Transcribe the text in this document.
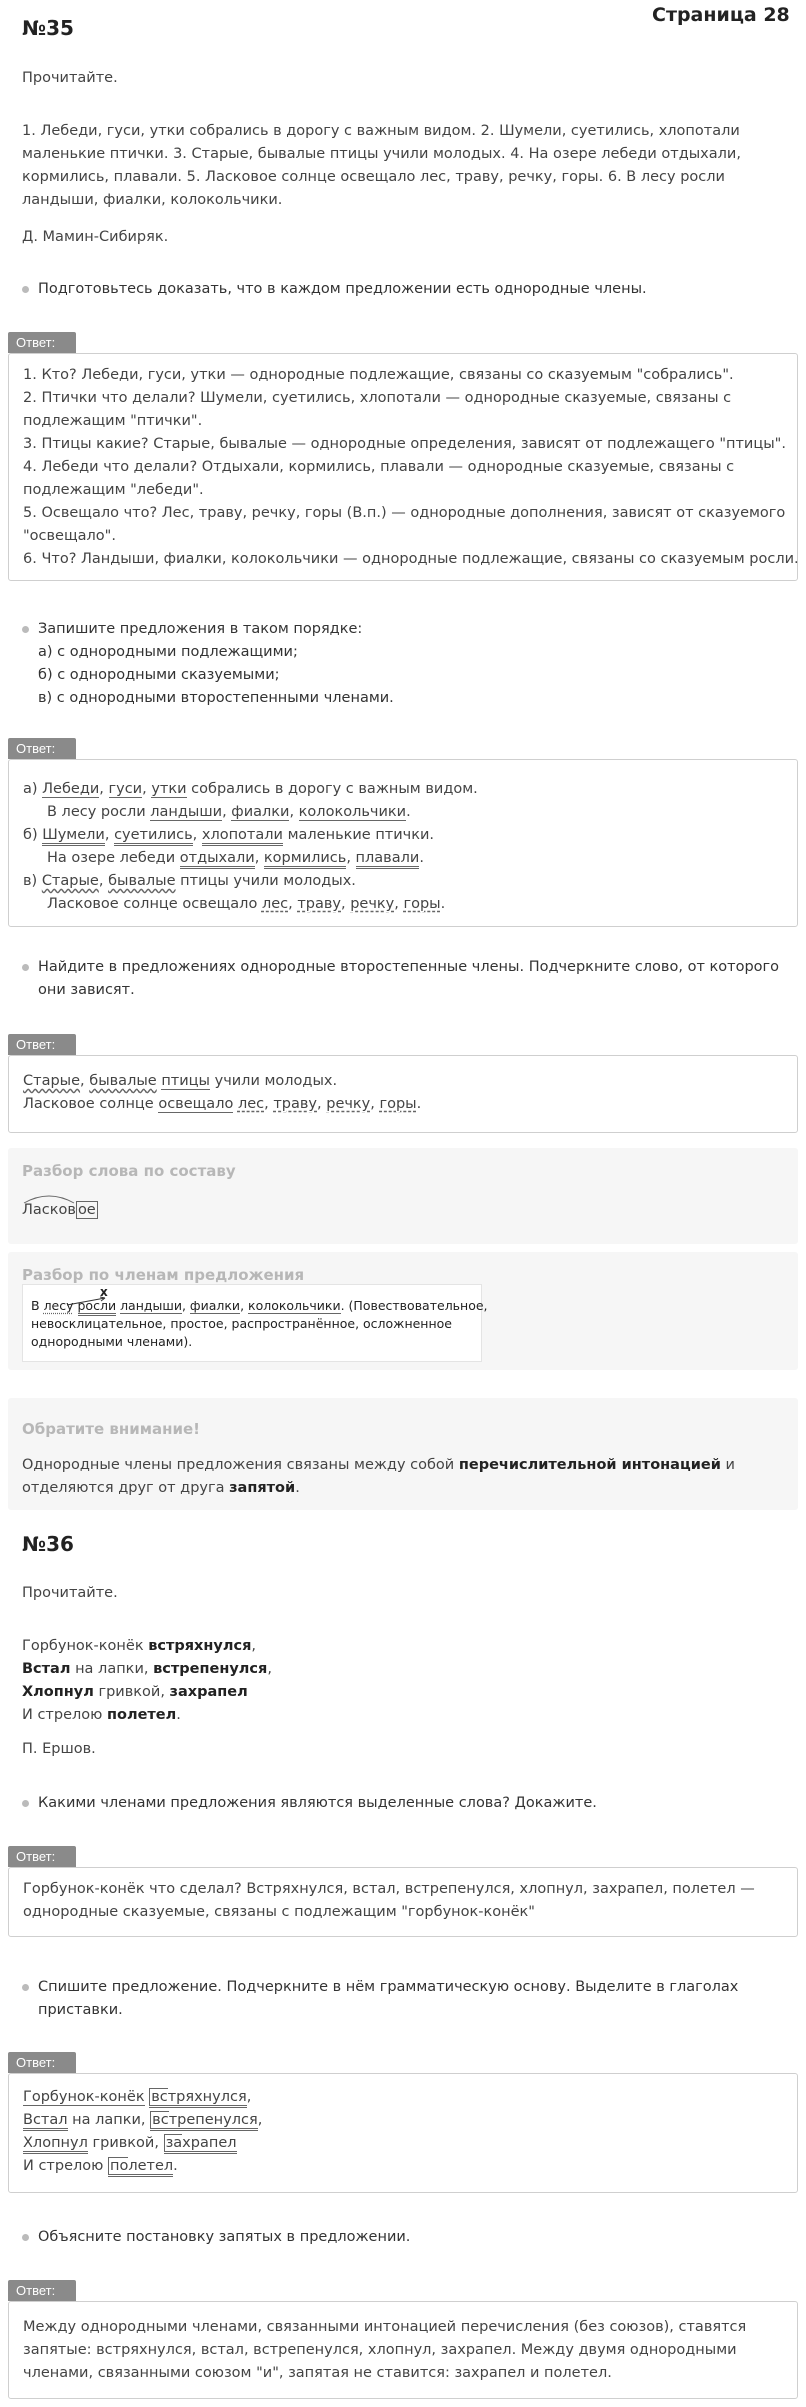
№35
Страница 28
Прочитайте.
1. Лебеди, гуси, утки собрались в дорогу с важным видом. 2. Шумели, суетились, хлопотали
маленькие птички. 3. Старые, бывалые птицы учили молодых. 4. На озере лебеди отдыхали,
кормились, плавали. 5. Ласковое солнце освещало лес, траву, речку, горы. 6. В лесу росли
ландыши, фиалки, колокольчики.
Д. Мамин-Сибиряк.
Подготовьтесь доказать, что в каждом предложении есть однородные члены.
Ответ:
1. Кто? Лебеди, гуси, утки — однородные подлежащие, связаны со сказуемым "собрались".
2. Птички что делали? Шумели, суетились, хлопотали — однородные сказуемые, связаны с
подлежащим "птички".
3. Птицы какие? Старые, бывалые — однородные определения, зависят от подлежащего "птицы".
4. Лебеди что делали? Отдыхали, кормились, плавали — однородные сказуемые, связаны с
подлежащим "лебеди".
5. Освещало что? Лес, траву, речку, горы (В.п.) — однородные дополнения, зависят от сказуемого
"освещало".
6. Что? Ландыши, фиалки, колокольчики — однородные подлежащие, связаны со сказуемым росли.
Запишите предложения в таком порядке:
а) с однородными подлежащими;
б) с однородными сказуемыми;
в) с однородными второстепенными членами.
Ответ:
а) Лебеди, гуси, утки собрались в дорогу с важным видом.
В лесу росли ландыши, фиалки, колокольчики.
б) Шумели, суетились, хлопотали маленькие птички.
На озере лебеди отдыхали, кормились, плавали.
в) Старые, бывалые птицы учили молодых.
Ласковое солнце освещало лес, траву, речку, горы.
Найдите в предложениях однородные второстепенные члены. Подчеркните слово, от которого
они зависят.
Ответ:
Старые, бывалые птицы учили молодых.
Ласковое солнце освещало лес, траву, речку, горы.
Разбор слова по составу
Ласков ое
Разбор по членам предложения
x
В лесу росли ландыши, фиалки, колокольчики. (Повествовательное,
невосклицательное, простое, распространённое, осложненное
однородными членами).
Обратите внимание!
Однородные члены предложения связаны между собой перечислительной интонацией и
отделяются друг от друга запятой.
№36
Прочитайте.
Горбунок-конёк встряхнулся,
Встал на лапки, встрепенулся,
Хлопнул гривкой, захрапел
И стрелою полетел.
П. Ершов.
Какими членами предложения являются выделенные слова? Докажите.
Ответ:
Горбунок-конёк что сделал? Встряхнулся, встал, встрепенулся, хлопнул, захрапел, полетел —
однородные сказуемые, связаны с подлежащим "горбунок-конёк"
Спишите предложение. Подчеркните в нём грамматическую основу. Выделите в глаголах
приставки.
Ответ:
Горбунок-конёк встряхнулся,
Встал на лапки, встрепенулся,
Хлопнул гривкой, захрапел
И стрелою полетел.
Объясните постановку запятых в предложении.
Ответ:
Между однородными членами, связанными интонацией перечисления (без союзов), ставятся
запятые: встряхнулся, встал, встрепенулся, хлопнул, захрапел. Между двумя однородными
членами, связанными союзом "и", запятая не ставится: захрапел и полетел.
